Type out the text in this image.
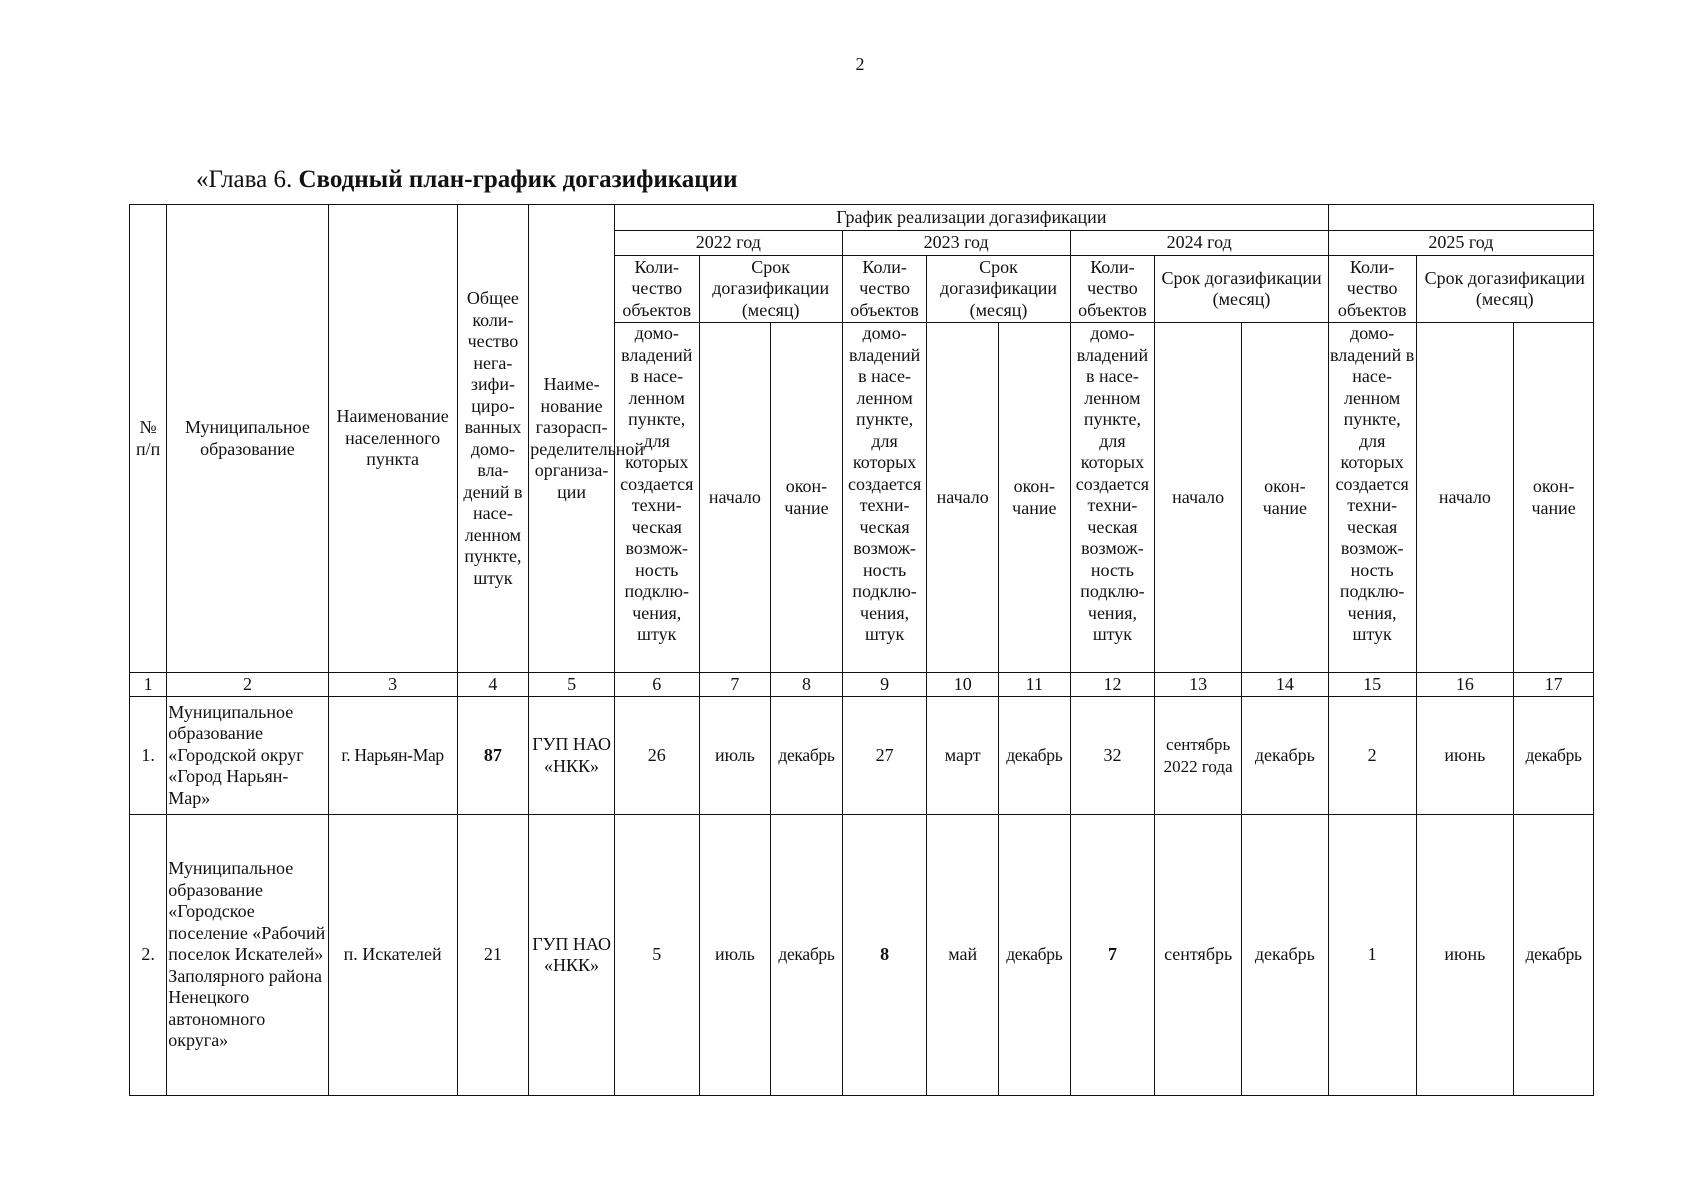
2
«Глава 6. Сводный план-график догазификации
№ п/п	Муниципальное образование	Наименование населенного пункта	Общее коли-чество нега-зифи-циро-ванных домо-вла-дений в насе-ленном пункте, штук	Наиме-нование газорасп-ределительной организа-ции	График реализации догазификации											
					2022 год			2023 год			2024 год			2025 год		
					Коли-чество объектов	Срок догазификации (месяц)		Коли-чество объектов	Срок догазификации (месяц)		Коли-чество объектов	Срок догазификации (месяц)		Коли-чество объектов	Срок догазификации (месяц)	
					домо-владений в насе-ленном пункте, для которых создается техни-ческая возмож-ность подклю-чения, штук	начало	окон-чание	домо-владений в насе-ленном пункте, для которых создается техни-ческая возмож-ность подклю-чения, штук	начало	окон-чание	домо-владений в насе-ленном пункте, для которых создается техни-ческая возмож-ность подклю-чения, штук	начало	окон-чание	домо-владений в насе-ленном пункте, для которых создается техни-ческая возмож-ность подклю-чения, штук	начало	окон-чание
1	2	3	4	5	6	7	8	9	10	11	12	13	14	15	16	17
1.	Муниципальное образование «Городской округ «Город Нарьян-Мар»	г. Нарьян-Мар	87	ГУП НАО «НКК»	26	июль	декабрь	27	март	декабрь	32	сентябрь 2022 года	декабрь	2	июнь	декабрь
2.	Муниципальное образование «Городское поселение «Рабочий поселок Искателей» Заполярного района Ненецкого автономного округа»	п. Искателей	21	ГУП НАО «НКК»	5	июль	декабрь	8	май	декабрь	7	сентябрь	декабрь	1	июнь	декабрь
